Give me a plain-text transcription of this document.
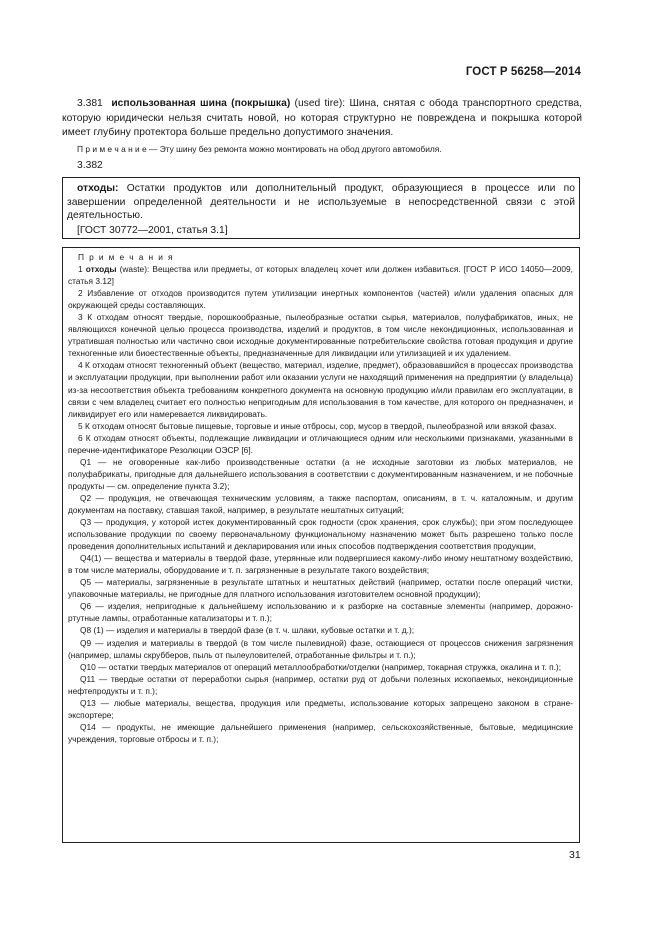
ГОСТ Р 56258—2014

3.381 использованная шина (покрышка) (used tire): Шина, снятая с обода транспортного средства, которую юридически нельзя считать новой, но которая структурно не повреждена и покрышка которой имеет глубину протектора больше предельно допустимого значения.

П р и м е ч а н и е — Эту шину без ремонта можно монтировать на обод другого автомобиля.
3.382

отходы: Остатки продуктов или дополнительный продукт, образующиеся в процессе или по завершении определенной деятельности и не используемые в непосредственной связи с этой деятельностью.

[ГОСТ 30772—2001, статья 3.1]

П р и м е ч а н и я

1 отходы (waste): Вещества или предметы, от которых владелец хочет или должен избавиться. [ГОСТ Р ИСО 14050—2009, статья 3.12]

2 Избавление от отходов производится путем утилизации инертных компонентов (частей) и/или удаления опасных для окружающей среды составляющих.

3 К отходам относят твердые, порошкообразные, пылеобразные остатки сырья, материалов, полуфабрикатов, иных, не являющихся конечной целью процесса производства, изделий и продуктов, в том числе некондиционных, использованная и утратившая полностью или частично свои исходные документированные потребительские свойства готовая продукция и другие техногенные или биоестественные объекты, предназначенные для ликвидации или утилизацией и их удалением.

4 К отходам относят техногенный объект (вещество, материал, изделие, предмет), образовавшийся в процессах производства и эксплуатации продукции, при выполнении работ или оказании услуги не находящий применения на предприятии (у владельца) из-за несоответствия объекта требованиям конкретного документа на основную продукцию и/или правилам его эксплуатации, в связи с чем владелец считает его полностью непригодным для использования в том качестве, для которого он предназначен, и ликвидирует его или намеревается ликвидировать.

5 К отходам относят бытовые пищевые, торговые и иные отбросы, сор, мусор в твердой, пылеобразной или вязкой фазах.

6 К отходам относят объекты, подлежащие ликвидации и отличающиеся одним или несколькими признаками, указанными в перечне-идентификаторе Резолюции ОЭСР [6].

Q1 — не оговоренные как-либо производственные остатки (а не исходные заготовки из любых материалов, не полуфабрикаты, пригодные для дальнейшего использования в соответствии с документированным назначением, и не побочные продукты — см. определение пункта 3.2);

Q2 — продукция, не отвечающая техническим условиям, а также паспортам, описаниям, в т. ч. каталожным, и другим документам на поставку, ставшая такой, например, в результате нештатных ситуаций;

Q3 — продукция, у которой истек документированный срок годности (срок хранения, срок службы); при этом последующее использование продукции по своему первоначальному функциональному назначению может быть разрешено только после проведения дополнительных испытаний и декларирования или иных способов подтверждения соответствия продукции,

Q4(1) — вещества и материалы в твердой фазе, утерянные или подвергшиеся какому-либо иному нештатному воздействию, в том числе материалы, оборудование и т. п. загрязненные в результате такого воздействия;

Q5 — материалы, загрязненные в результате штатных и нештатных действий (например, остатки после операций чистки, упаковочные материалы, не пригодные для платного использования изготовителем основной продукции);

Q6 — изделия, непригодные к дальнейшему использованию и к разборке на составные элементы (например, дорожно-ртутные лампы, отработанные катализаторы и т. п.);

Q8 (1) — изделия и материалы в твердой фазе (в т. ч. шлаки, кубовые остатки и т. д.);

Q9 — изделия и материалы в твердой (в том числе пылевидной) фазе, остающиеся от процессов снижения загрязнения (например, шламы скрубберов, пыль от пылеуловителей, отработанные фильтры и т. п.);

Q10 — остатки твердых материалов от операций металлообработки/отделки (например, токарная стружка, окалина и т. п.);

Q11 — твердые остатки от переработки сырья (например, остатки руд от добычи полезных ископаемых, некондиционные нефтепродукты и т. п.);

Q13 — любые материалы, вещества, продукция или предметы, использование которых запрещено законом в стране-экспортере;

Q14 — продукты, не имеющие дальнейшего применения (например, сельскохозяйственные, бытовые, медицинские учреждения, торговые отбросы и т. п.);

31
